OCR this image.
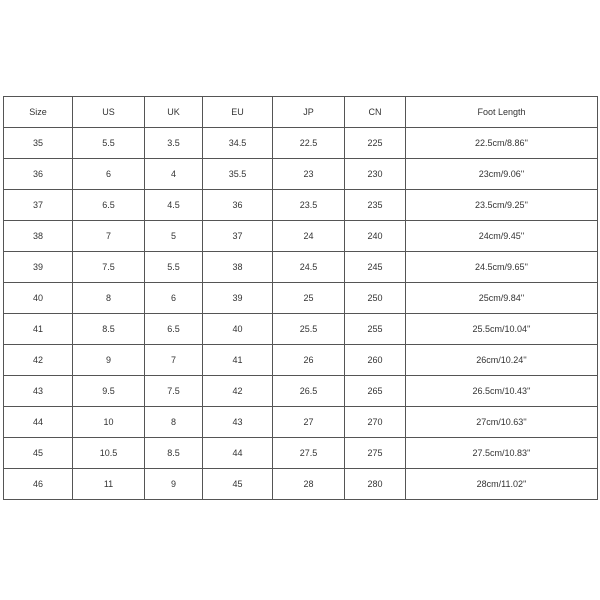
Size	US	UK	EU	JP	CN	Foot Length
35	5.5	3.5	34.5	22.5	225	22.5cm/8.86''
36	6	4	35.5	23	230	23cm/9.06''
37	6.5	4.5	36	23.5	235	23.5cm/9.25''
38	7	5	37	24	240	24cm/9.45''
39	7.5	5.5	38	24.5	245	24.5cm/9.65''
40	8	6	39	25	250	25cm/9.84''
41	8.5	6.5	40	25.5	255	25.5cm/10.04''
42	9	7	41	26	260	26cm/10.24''
43	9.5	7.5	42	26.5	265	26.5cm/10.43''
44	10	8	43	27	270	27cm/10.63''
45	10.5	8.5	44	27.5	275	27.5cm/10.83''
46	11	9	45	28	280	28cm/11.02''
